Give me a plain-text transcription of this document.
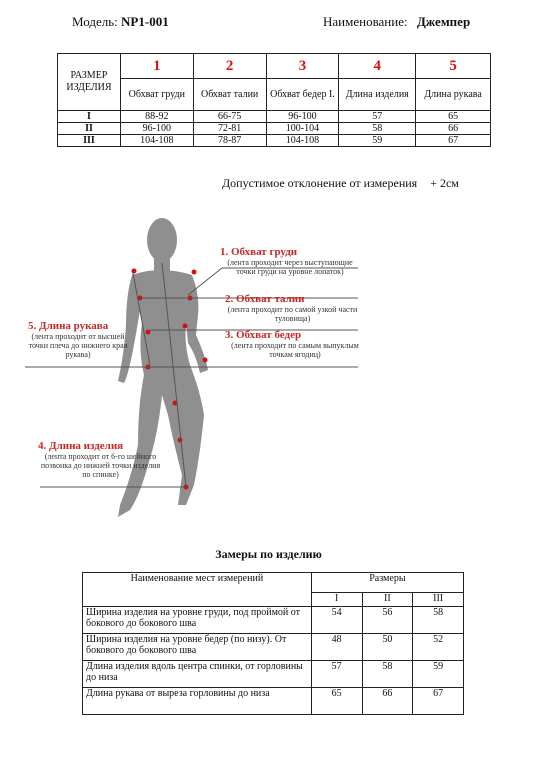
Модель: NP1-001	Наименование: Джемпер
РАЗМЕР ИЗДЕЛИЯ	1	2	3	4	5
	Обхват груди	Обхват талии	Обхват бедер I.	Длина изделия	Длина рукава
I	88-92	66-75	96-100	57	65
II	96-100	72-81	100-104	58	66
III	104-108	78-87	104-108	59	67
Допустимое отклонение от измерения + 2см
1. Обхват груди
(лента проходит через выступающие точки груди на уровне лопаток)
2. Обхват талии
(лента проходит по самой узкой части туловища)
3. Обхват бедер
(лента проходит по самым выпуклым точкам ягодиц)
5. Длина рукава
(лента проходит от высшей точки плеча до нижнего края рукава)
4. Длина изделия
(лента проходит от 6-го шейного позвонка до нижней точки изделия по спинке)
Замеры по изделию
Наименование мест измерений	Размеры		
	I	II	III
Ширина изделия на уровне груди, под проймой от бокового до бокового шва	54	56	58
Ширина изделия на уровне бедер (по низу). От бокового до бокового шва	48	50	52
Длина изделия вдоль центра спинки, от горловины до низа	57	58	59
Длина рукава от выреза горловины до низа	65	66	67
